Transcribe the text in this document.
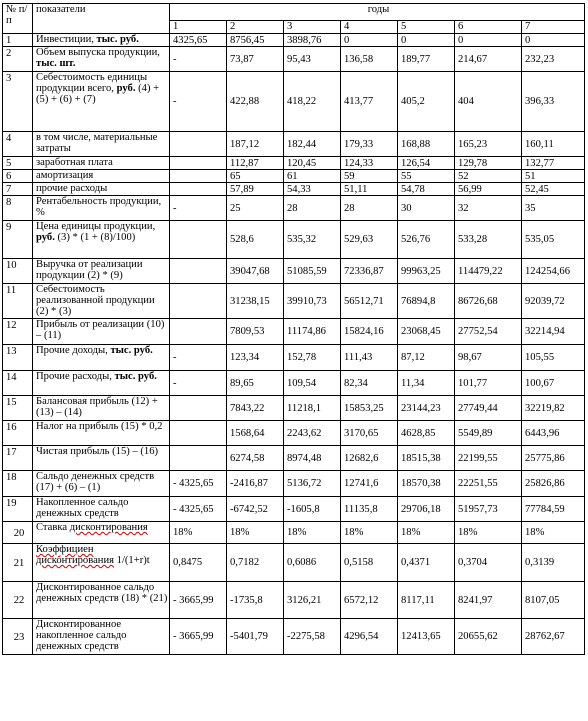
№ п/п	показатели	годы						
		1	2	3	4	5	6	7
1	Инвестиции, тыс. руб.	4325,65	8756,45	3898,76	0	0	0	0
2	Объем выпуска продукции, тыс. шт.	-	73,87	95,43	136,58	189,77	214,67	232,23
3	Себестоимость единицы продукции всего, руб. (4) + (5) + (6) + (7)	-	422,88	418,22	413,77	405,2	404	396,33
4	в том числе, материальные затраты		187,12	182,44	179,33	168,88	165,23	160,11
5	заработная плата		112,87	120,45	124,33	126,54	129,78	132,77
6	амортизация		65	61	59	55	52	51
7	прочие расходы		57,89	54,33	51,11	54,78	56,99	52,45
8	Рентабельность продукции, %	-	25	28	28	30	32	35
9	Цена единицы продукции, руб. (3) * (1 + (8)/100)		528,6	535,32	529,63	526,76	533,28	535,05
10	Выручка от реализации продукции (2) * (9)		39047,68	51085,59	72336,87	99963,25	114479,22	124254,66
11	Себестоимость реализованной продукции (2) * (3)		31238,15	39910,73	56512,71	76894,8	86726,68	92039,72
12	Прибыль от реализации (10) – (11)		7809,53	11174,86	15824,16	23068,45	27752,54	32214,94
13	Прочие доходы, тыс. руб.	-	123,34	152,78	111,43	87,12	98,67	105,55
14	Прочие расходы, тыс. руб.	-	89,65	109,54	82,34	11,34	101,77	100,67
15	Балансовая прибыль (12) + (13) – (14)		7843,22	11218,1	15853,25	23144,23	27749,44	32219,82
16	Налог на прибыль (15) * 0,2		1568,64	2243,62	3170,65	4628,85	5549,89	6443,96
17	Чистая прибыль (15) – (16)		6274,58	8974,48	12682,6	18515,38	22199,55	25775,86
18	Сальдо денежных средств (17) + (6) – (1)	- 4325,65	-2416,87	5136,72	12741,6	18570,38	22251,55	25826,86
19	Накопленное сальдо денежных средств	- 4325,65	-6742,52	-1605,8	11135,8	29706,18	51957,73	77784,59
20	Ставка дисконтирования	18%	18%	18%	18%	18%	18%	18%
21	Коэффициен дисконтирования 1/(1+r)t	0,8475	0,7182	0,6086	0,5158	0,4371	0,3704	0,3139
22	Дисконтированное сальдо денежных средств (18) * (21)	- 3665,99	-1735,8	3126,21	6572,12	8117,11	8241,97	8107,05
23	Дисконтированное накопленное сальдо денежных средств	- 3665,99	-5401,79	-2275,58	4296,54	12413,65	20655,62	28762,67
